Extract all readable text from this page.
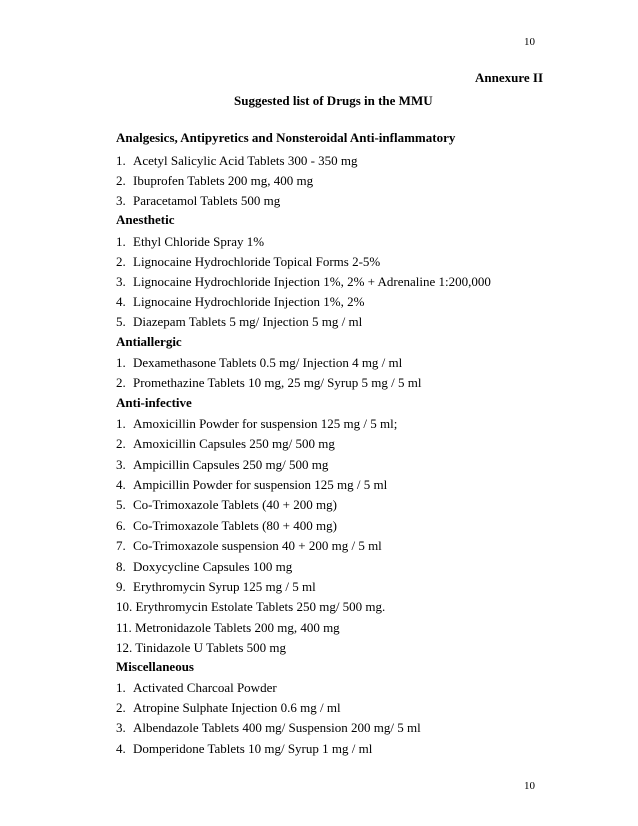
10
Annexure II
Suggested list of Drugs in the MMU
Analgesics, Antipyretics and Nonsteroidal Anti-inflammatory
1. Acetyl Salicylic Acid Tablets 300 - 350 mg
2. Ibuprofen Tablets 200 mg, 400 mg
3. Paracetamol Tablets 500 mg
Anesthetic
1. Ethyl Chloride Spray 1%
2. Lignocaine Hydrochloride Topical Forms 2-5%
3. Lignocaine Hydrochloride Injection 1%, 2% + Adrenaline 1:200,000
4. Lignocaine Hydrochloride Injection 1%, 2%
5. Diazepam Tablets 5 mg/ Injection 5 mg / ml
Antiallergic
1. Dexamethasone Tablets 0.5 mg/ Injection 4 mg / ml
2. Promethazine Tablets 10 mg, 25 mg/ Syrup 5 mg / 5 ml
Anti-infective
1. Amoxicillin Powder for suspension 125 mg / 5 ml;
2. Amoxicillin Capsules 250 mg/ 500 mg
3. Ampicillin Capsules 250 mg/ 500 mg
4. Ampicillin Powder for suspension 125 mg / 5 ml
5. Co-Trimoxazole Tablets (40 + 200 mg)
6. Co-Trimoxazole Tablets (80 + 400 mg)
7. Co-Trimoxazole suspension 40 + 200 mg / 5 ml
8. Doxycycline Capsules 100 mg
9. Erythromycin Syrup 125 mg / 5 ml
10. Erythromycin Estolate Tablets 250 mg/ 500 mg.
11. Metronidazole Tablets 200 mg, 400 mg
12. Tinidazole U Tablets 500 mg
Miscellaneous
1. Activated Charcoal Powder
2. Atropine Sulphate Injection 0.6 mg / ml
3. Albendazole Tablets 400 mg/ Suspension 200 mg/ 5 ml
4. Domperidone Tablets 10 mg/ Syrup 1 mg / ml
10
